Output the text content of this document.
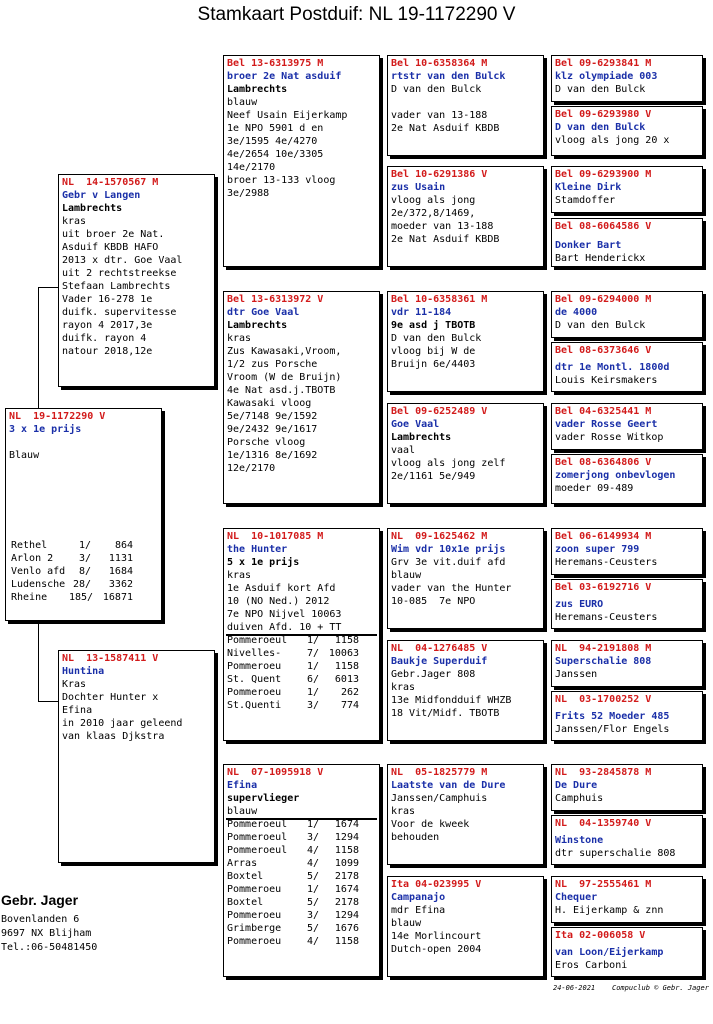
Stamkaart Postduif: NL 19-1172290 V
NL  19-1172290 V
3 x 1e prijs

Blauw
Rethel	1/	864
Arlon 2	3/	1131
Venlo afd	8/	1684
Ludensche 28/	3362
Rheine	185/ 16871
NL  14-1570567 M
Gebr v Langen
Lambrechts
kras
uit broer 2e Nat.
Asduif KBDB HAFO
2013 x dtr. Goe Vaal
uit 2 rechtstreekse
Stefaan Lambrechts
Vader 16-278 1e
duifk. supervitesse
rayon 4 2017,3e
duifk. rayon 4
natour 2018,12e
NL  13-1587411 V
Huntina
Kras
Dochter Hunter x
Efina
in 2010 jaar geleend
van klaas Djkstra
Bel 13-6313975 M
broer 2e Nat asduif
Lambrechts
blauw
Neef Usain Eijerkamp
1e NPO 5901 d en
3e/1595 4e/4270
4e/2654 10e/3305
14e/2170
broer 13-133 vloog
3e/2988
Bel 13-6313972 V
dtr Goe Vaal
Lambrechts
kras
Zus Kawasaki,Vroom,
1/2 zus Porsche
Vroom (W de Bruijn)
4e Nat asd.j.TBOTB
Kawasaki vloog
5e/7148 9e/1592
9e/2432 9e/1617
Porsche vloog
1e/1316 8e/1692
12e/2170
NL  10-1017085 M
the Hunter
5 x 1e prijs
kras
1e Asduif kort Afd
10 (NO Ned.) 2012
7e NPO Nijvel 10063
duiven Afd. 10 + TT
Pommeroeul	1/	1158
Nivelles-	7/ 10063
Pommeroeu	1/	1158
St. Quent	6/	6013
Pommeroeu	1/	262
St.Quenti	3/	774
NL  07-1095918 V
Efina
supervlieger
blauw
Pommeroeul	1/	1674
Pommeroeul	3/	1294
Pommeroeul	4/	1158
Arras	4/	1099
Boxtel	5/	2178
Pommeroeu	1/	1674
Boxtel	5/	2178
Pommeroeu	3/	1294
Grimberge	5/	1676
Pommeroeu	4/	1158
Bel 10-6358364 M
rtstr van den Bulck
D van den Bulck

vader van 13-188
2e Nat Asduif KBDB
Bel 10-6291386 V
zus Usain
vloog als jong
2e/372,8/1469,
moeder van 13-188
2e Nat Asduif KBDB
Bel 10-6358361 M
vdr 11-184
9e asd j TBOTB
D van den Bulck
vloog bij W de
Bruijn 6e/4403
Bel 09-6252489 V
Goe Vaal
Lambrechts
vaal
vloog als jong zelf
2e/1161 5e/949
NL  09-1625462 M
Wim vdr 10x1e prijs
Grv 3e vit.duif afd
blauw
vader van the Hunter
10-085  7e NPO
NL  04-1276485 V
Baukje Superduif
Gebr.Jager 808
kras
13e Midfondduif WHZB
18 Vit/Midf. TBOTB
NL  05-1825779 M
Laatste van de Dure
Janssen/Camphuis
kras
Voor de kweek
behouden
Ita 04-023995 V
Campanajo
mdr Efina
blauw
14e Morlincourt
Dutch-open 2004
Bel 09-6293841 M
klz olympiade 003
D van den Bulck
Bel 09-6293980 V
D van den Bulck
vloog als jong 20 x
Bel 09-6293900 M
Kleine Dirk
Stamdoffer
Bel 08-6064586 V
Donker Bart
Bart Henderickx
Bel 09-6294000 M
de 4000
D van den Bulck
Bel 08-6373646 V
dtr 1e Montl. 1800d
Louis Keirsmakers
Bel 04-6325441 M
vader Rosse Geert
vader Rosse Witkop
Bel 08-6364806 V
zomerjong onbevlogen
moeder 09-489
Bel 06-6149934 M
zoon super 799
Heremans-Ceusters
Bel 03-6192716 V
zus EURO
Heremans-Ceusters
NL  94-2191808 M
Superschalie 808
Janssen
NL  03-1700252 V
Frits 52 Moeder 485
Janssen/Flor Engels
NL  93-2845878 M
De Dure
Camphuis
NL  04-1359740 V
Winstone
dtr superschalie 808
NL  97-2555461 M
Chequer
H. Eijerkamp & znn
Ita 02-006058 V
van Loon/Eijerkamp
Eros Carboni
Gebr. Jager
Bovenlanden 6
9697 NX Blijham
Tel.:06-50481450
24-06-2021    Compuclub © Gebr. Jager
